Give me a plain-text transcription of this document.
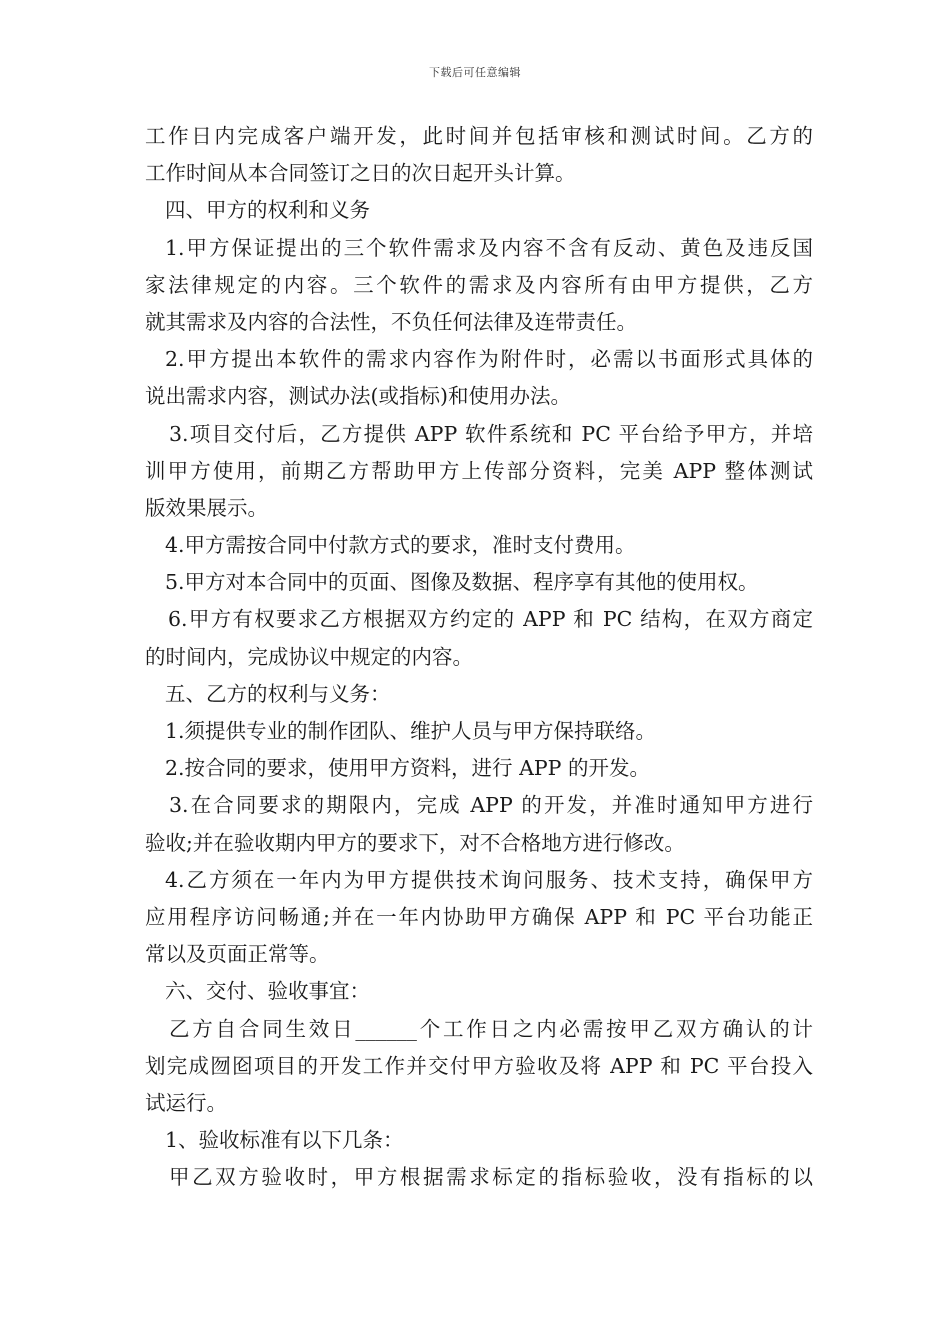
下载后可任意编辑
工作日内完成客户端开发，此时间并包括审核和测试时间。乙方的
工作时间从本合同签订之日的次日起开头计算。
四、甲方的权利和义务
1.甲方保证提出的三个软件需求及内容不含有反动、黄色及违反国
家法律规定的内容。三个软件的需求及内容所有由甲方提供，乙方
就其需求及内容的合法性，不负任何法律及连带责任。
2.甲方提出本软件的需求内容作为附件时，必需以书面形式具体的
说出需求内容，测试办法(或指标)和使用办法。
3.项目交付后，乙方提供 APP 软件系统和 PC 平台给予甲方，并培
训甲方使用，前期乙方帮助甲方上传部分资料，完美 APP 整体测试
版效果展示。
4.甲方需按合同中付款方式的要求，准时支付费用。
5.甲方对本合同中的页面、图像及数据、程序享有其他的使用权。
6.甲方有权要求乙方根据双方约定的 APP 和 PC 结构，在双方商定
的时间内，完成协议中规定的内容。
五、乙方的权利与义务：
1.须提供专业的制作团队、维护人员与甲方保持联络。
2.按合同的要求，使用甲方资料，进行 APP 的开发。
3.在合同要求的期限内，完成 APP 的开发，并准时通知甲方进行
验收;并在验收期内甲方的要求下，对不合格地方进行修改。
4.乙方须在一年内为甲方提供技术询问服务、技术支持，确保甲方
应用程序访问畅通;并在一年内协助甲方确保 APP 和 PC 平台功能正
常以及页面正常等。
六、交付、验收事宜：
乙方自合同生效日______个工作日之内必需按甲乙双方确认的计
划完成囫囵项目的开发工作并交付甲方验收及将 APP 和 PC 平台投入
试运行。
1、验收标准有以下几条：
甲乙双方验收时，甲方根据需求标定的指标验收，没有指标的以
